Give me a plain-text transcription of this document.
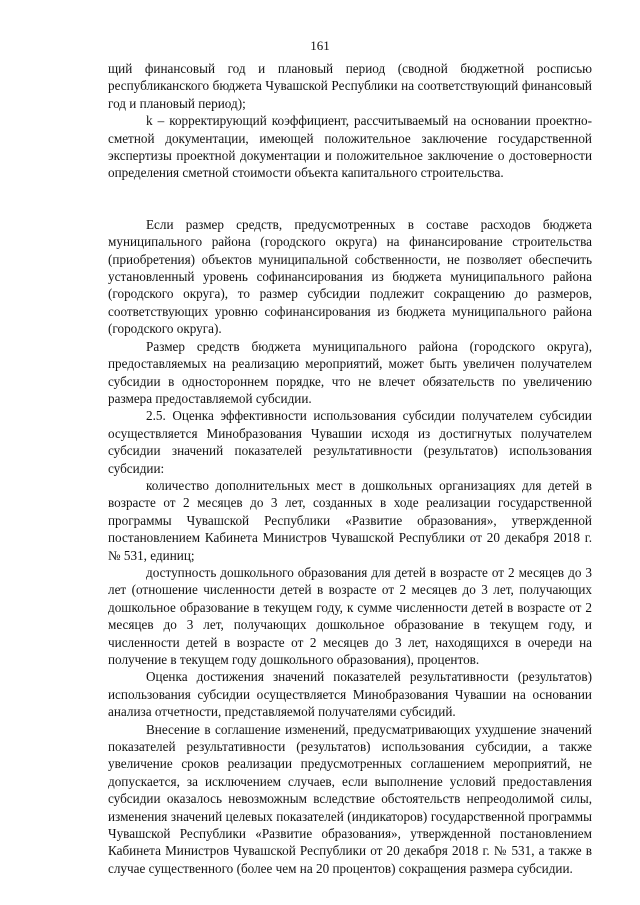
161

щий финансовый год и плановый период (сводной бюджетной росписью республиканского бюджета Чувашской Республики на соответствующий финансовый год и плановый период);

k – корректирующий коэффициент, рассчитываемый на основании проектно-сметной документации, имеющей положительное заключение государственной экспертизы проектной документации и положительное заключение о достоверности определения сметной стоимости объекта капитального строительства.

Если размер средств, предусмотренных в составе расходов бюджета муниципального района (городского округа) на финансирование строительства (приобретения) объектов муниципальной собственности, не позволяет обеспечить установленный уровень софинансирования из бюджета муниципального района (городского округа), то размер субсидии подлежит сокращению до размеров, соответствующих уровню софинансирования из бюджета муниципального района (городского округа).

Размер средств бюджета муниципального района (городского округа), предоставляемых на реализацию мероприятий, может быть увеличен получателем субсидии в одностороннем порядке, что не влечет обязательств по увеличению размера предоставляемой субсидии.

2.5. Оценка эффективности использования субсидии получателем субсидии осуществляется Минобразования Чувашии исходя из достигнутых получателем субсидии значений показателей результативности (результатов) использования субсидии:

количество дополнительных мест в дошкольных организациях для детей в возрасте от 2 месяцев до 3 лет, созданных в ходе реализации государственной программы Чувашской Республики «Развитие образования», утвержденной постановлением Кабинета Министров Чувашской Республики от 20 декабря 2018 г. № 531, единиц;

доступность дошкольного образования для детей в возрасте от 2 месяцев до 3 лет (отношение численности детей в возрасте от 2 месяцев до 3 лет, получающих дошкольное образование в текущем году, к сумме численности детей в возрасте от 2 месяцев до 3 лет, получающих дошкольное образование в текущем году, и численности детей в возрасте от 2 месяцев до 3 лет, находящихся в очереди на получение в текущем году дошкольного образования), процентов.

Оценка достижения значений показателей результативности (результатов) использования субсидии осуществляется Минобразования Чувашии на основании анализа отчетности, представляемой получателями субсидий.

Внесение в соглашение изменений, предусматривающих ухудшение значений показателей результативности (результатов) использования субсидии, а также увеличение сроков реализации предусмотренных соглашением мероприятий, не допускается, за исключением случаев, если выполнение условий предоставления субсидии оказалось невозможным вследствие обстоятельств непреодолимой силы, изменения значений целевых показателей (индикаторов) государственной программы Чувашской Республики «Развитие образования», утвержденной постановлением Кабинета Министров Чувашской Республики от 20 декабря 2018 г. № 531, а также в случае существенного (более чем на 20 процентов) сокращения размера субсидии.
